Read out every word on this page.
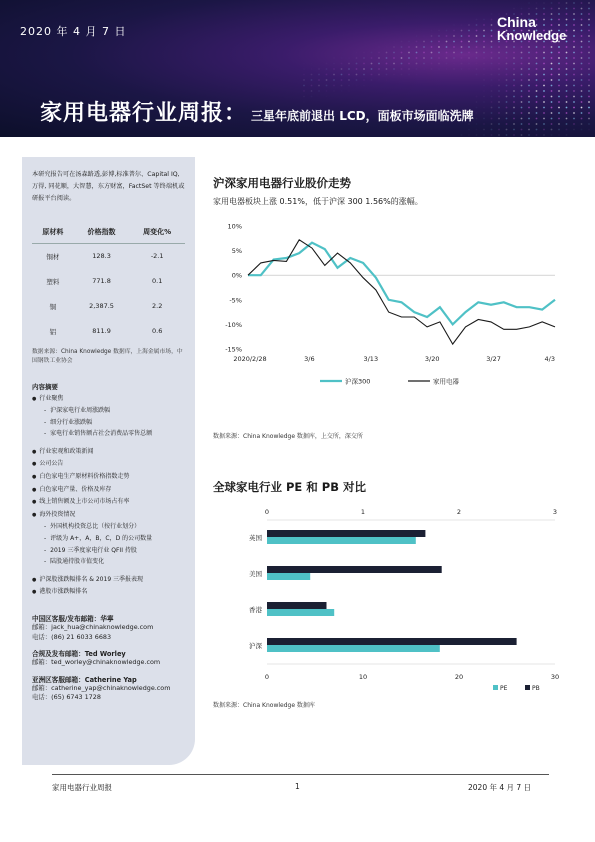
2020 年 4 月 7 日
China
Knowledge
家用电器行业周报： 三星年底前退出 LCD，面板市场面临洗牌
本研究报告可在汤森路透,彭博,标准普尔、Capital IQ,万得, 同花顺，大智慧，东方财富，FactSet 等终端机或研报平台阅读。
原材料	价格指数	周变化%
铜材	128.3	-2.1
塑料	771.8	0.1
铜	2,387.5	2.2
铝	811.9	0.6
数据来源：China Knowledge 数据库，上海金属市场，中国钢铁工业协会
内容摘要
● 行业聚焦
- 沪深家电行业周涨跌幅
- 细分行业涨跌幅
- 家电行业销售额占社会消费品零售总额
● 行业宏观和政策新闻
● 公司公告
● 白色家电生产原材料价格指数走势
● 白色家电产量、价格及库存
● 线上销售额及上市公司市场占有率
● 海外投资情况
- 外国机构投资总比（按行业划分）
- 评级为 A+，A，B，C，D 的公司数量
- 2019 三季度家电行业 QFII 持股
- 陆股通持股市值变化
● 沪深股涨跌幅排名 & 2019 三季报表现
● 港股市涨跌幅排名
中国区客服/发布邮箱：华寧
邮箱：jack_hua@chinaknowledge.com
电话：(86) 21 6033 6683
合规及发布邮箱：Ted Worley
邮箱：ted_worley@chinaknowledge.com
亚洲区客服邮箱：Catherine Yap
邮箱：catherine_yap@chinaknowledge.com
电话：(65) 6743 1728
沪深家用电器行业股价走势
家用电器板块上涨 0.51%，低于沪深 300 1.56%的涨幅。
10%
5%
0%
-5%
-10%
-15%
2020/2/28	3/6	3/13	3/20	3/27	4/3
沪深300	家用电器
数据来源：China Knowledge 数据库，上交所，深交所
全球家电行业 PE 和 PB 对比
0	1	2	3
0	10	20	30
英国
美国
香港
沪深
PE	PB
数据来源：China Knowledge 数据库
家用电器行业周报	1	2020 年 4 月 7 日
